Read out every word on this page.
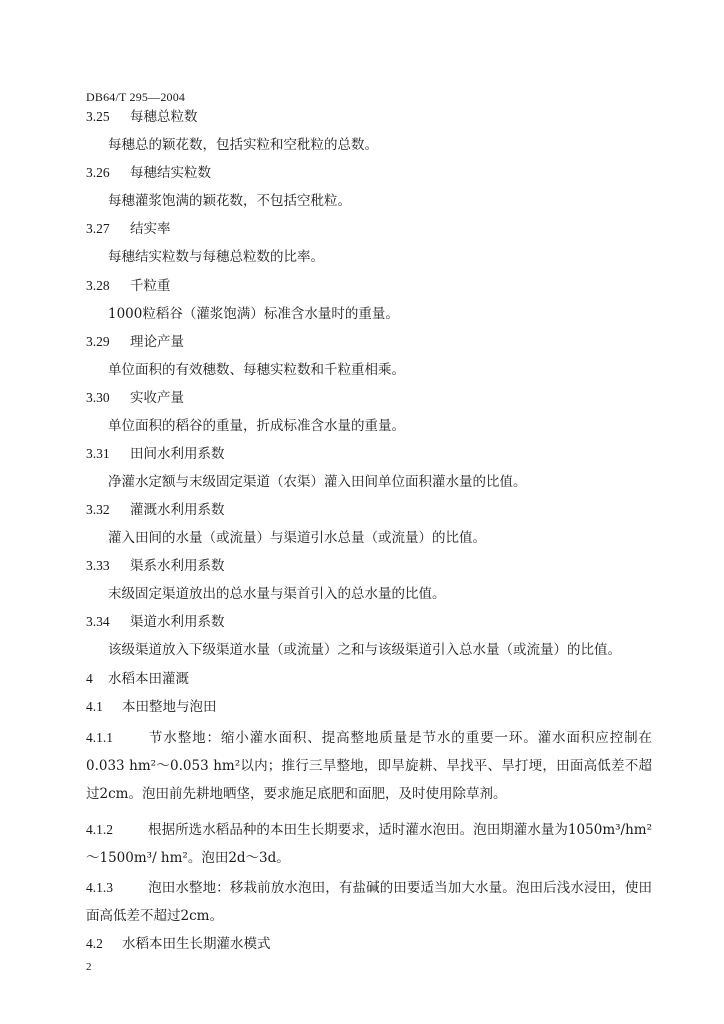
DB64/T 295—2004
3.25 每穗总粒数
每穗总的颖花数，包括实粒和空秕粒的总数。
3.26 每穗结实粒数
每穗灌浆饱满的颖花数，不包括空秕粒。
3.27 结实率
每穗结实粒数与每穗总粒数的比率。
3.28 千粒重
1000粒稻谷（灌浆饱满）标准含水量时的重量。
3.29 理论产量
单位面积的有效穗数、每穗实粒数和千粒重相乘。
3.30 实收产量
单位面积的稻谷的重量，折成标准含水量的重量。
3.31 田间水利用系数
净灌水定额与末级固定渠道（农渠）灌入田间单位面积灌水量的比值。
3.32 灌溉水利用系数
灌入田间的水量（或流量）与渠道引水总量（或流量）的比值。
3.33 渠系水利用系数
末级固定渠道放出的总水量与渠首引入的总水量的比值。
3.34 渠道水利用系数
该级渠道放入下级渠道水量（或流量）之和与该级渠道引入总水量（或流量）的比值。
4 水稻本田灌溉
4.1 本田整地与泡田
4.1.1	节水整地：缩小灌水面积、提高整地质量是节水的重要一环。灌水面积应控制在0.033 hm²～0.053 hm²以内；推行三旱整地，即旱旋耕、旱找平、旱打埂，田面高低差不超过2cm。泡田前先耕地晒垡，要求施足底肥和面肥，及时使用除草剂。
4.1.2	根据所选水稻品种的本田生长期要求，适时灌水泡田。泡田期灌水量为1050m³/hm²～1500m³/ hm²。泡田2d～3d。
4.1.3	泡田水整地：移栽前放水泡田，有盐碱的田要适当加大水量。泡田后浅水浸田，使田面高低差不超过2cm。
4.2 水稻本田生长期灌水模式
2
